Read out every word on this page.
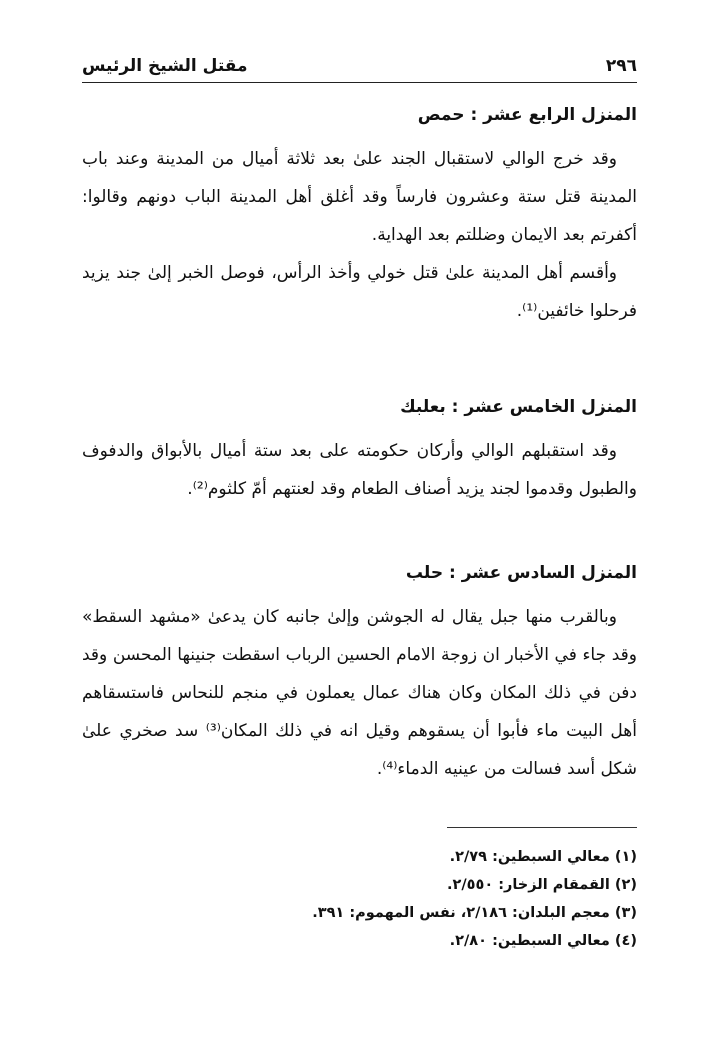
٢٩٦
مقتل الشيخ الرئيس
المنزل الرابع عشر : حمص

وقد خرج الوالي لاستقبال الجند علىٰ بعد ثلاثة أميال من المدينة وعند باب المدينة قتل ستة وعشرون فارساً وقد أغلق أهل المدينة الباب دونهم وقالوا: أكفرتم بعد الايمان وضللتم بعد الهداية.

وأقسم أهل المدينة علىٰ قتل خولي وأخذ الرأس، فوصل الخبر إلىٰ جند يزيد فرحلوا خائفين⁽¹⁾.

المنزل الخامس عشر : بعلبك

وقد استقبلهم الوالي وأركان حكومته على بعد ستة أميال بالأبواق والدفوف والطبول وقدموا لجند يزيد أصناف الطعام وقد لعنتهم أمّ كلثوم⁽²⁾.

المنزل السادس عشر : حلب

وبالقرب منها جبل يقال له الجوشن وإلىٰ جانبه كان يدعىٰ «مشهد السقط» وقد جاء في الأخبار ان زوجة الامام الحسين الرباب اسقطت جنينها المحسن وقد دفن في ذلك المكان وكان هناك عمال يعملون في منجم للنحاس فاستسقاهم أهل البيت ماء فأبوا أن يسقوهم وقيل انه في ذلك المكان⁽³⁾ سد صخري علىٰ شكل أسد فسالت من عينيه الدماء⁽⁴⁾.

(١) معالي السبطين: ٢/٧٩.
(٢) القمقام الزخار: ٢/٥٥٠.
(٣) معجم البلدان: ٢/١٨٦، نفس المهموم: ٣٩١.
(٤) معالي السبطين: ٢/٨٠.
